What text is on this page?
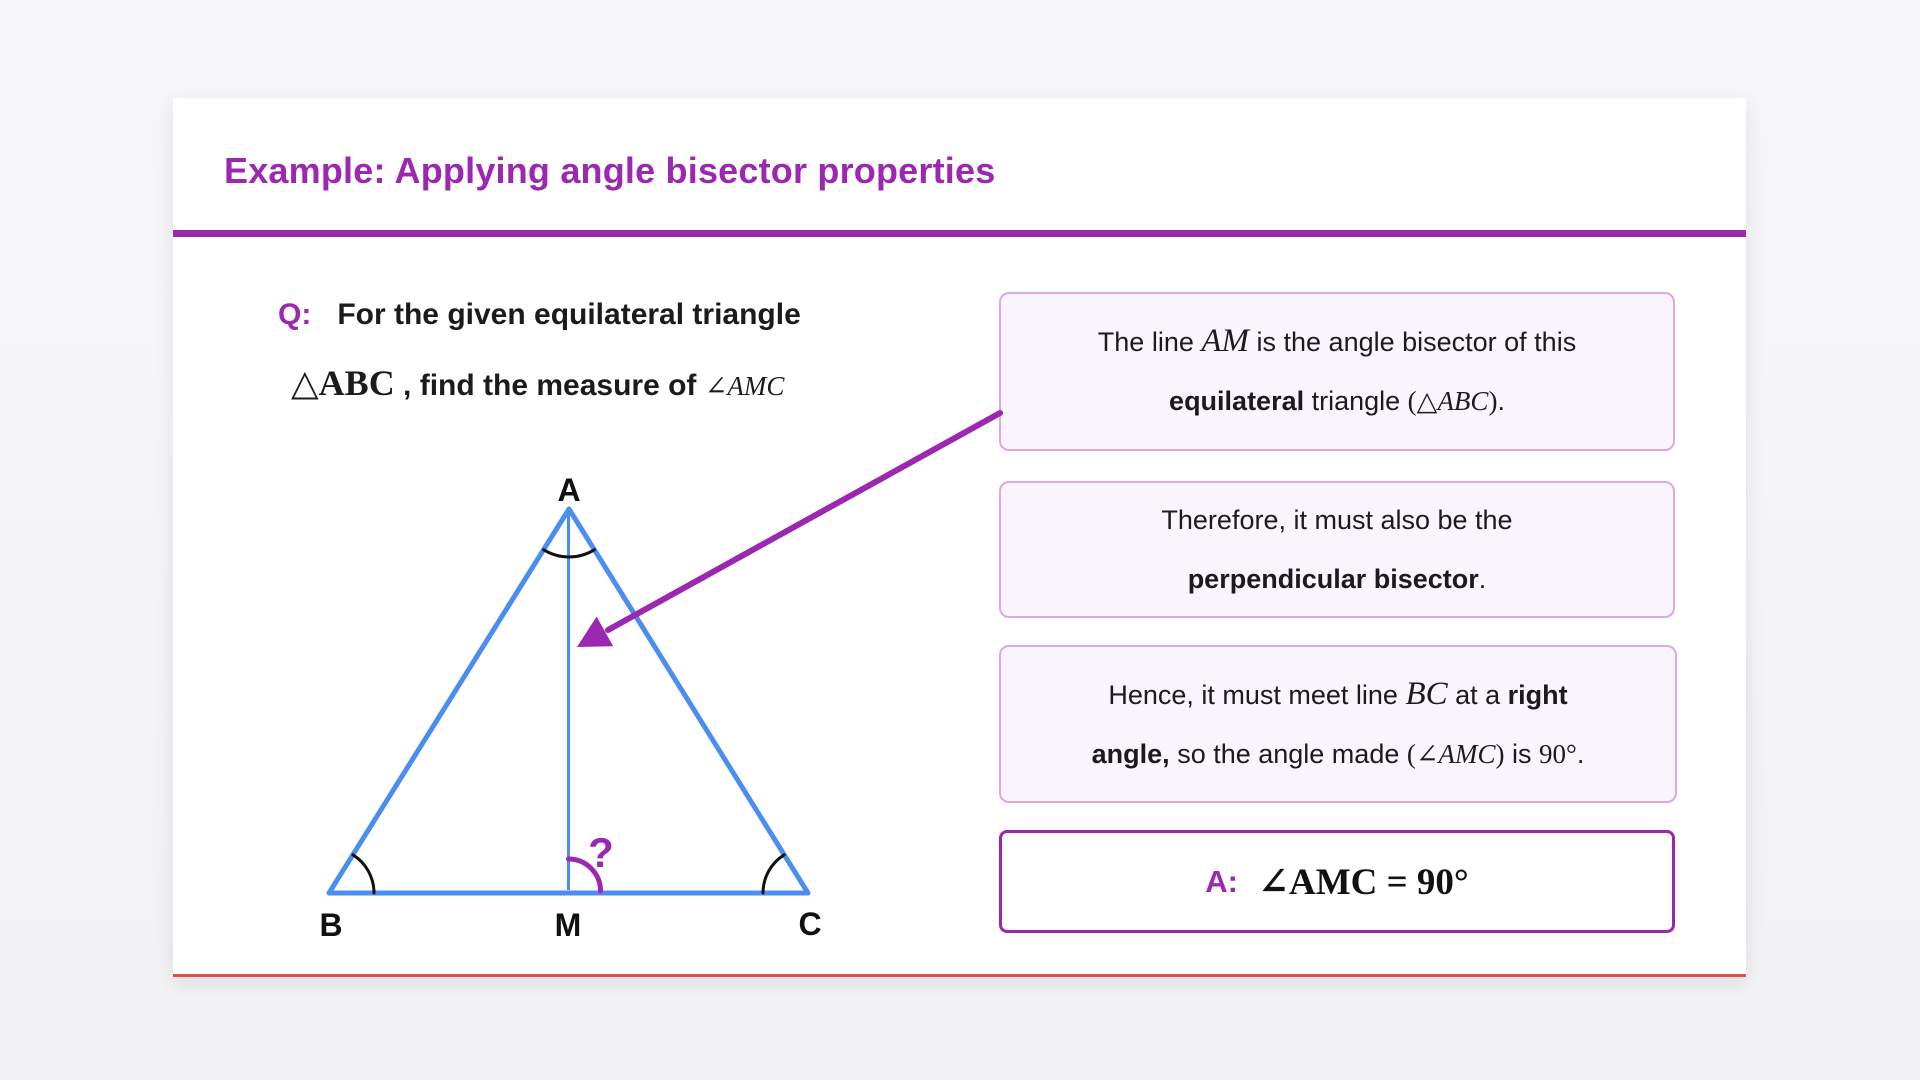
Example: Applying angle bisector properties
Q: For the given equilateral triangle
△ABC , find the measure of ∠AMC
The line AM is the angle bisector of this
equilateral triangle (△ABC).
Therefore, it must also be the
perpendicular bisector.
Hence, it must meet line BC at a right
angle, so the angle made (∠AMC) is 90°.
A: ∠AMC = 90°
A
B	M	C
?
